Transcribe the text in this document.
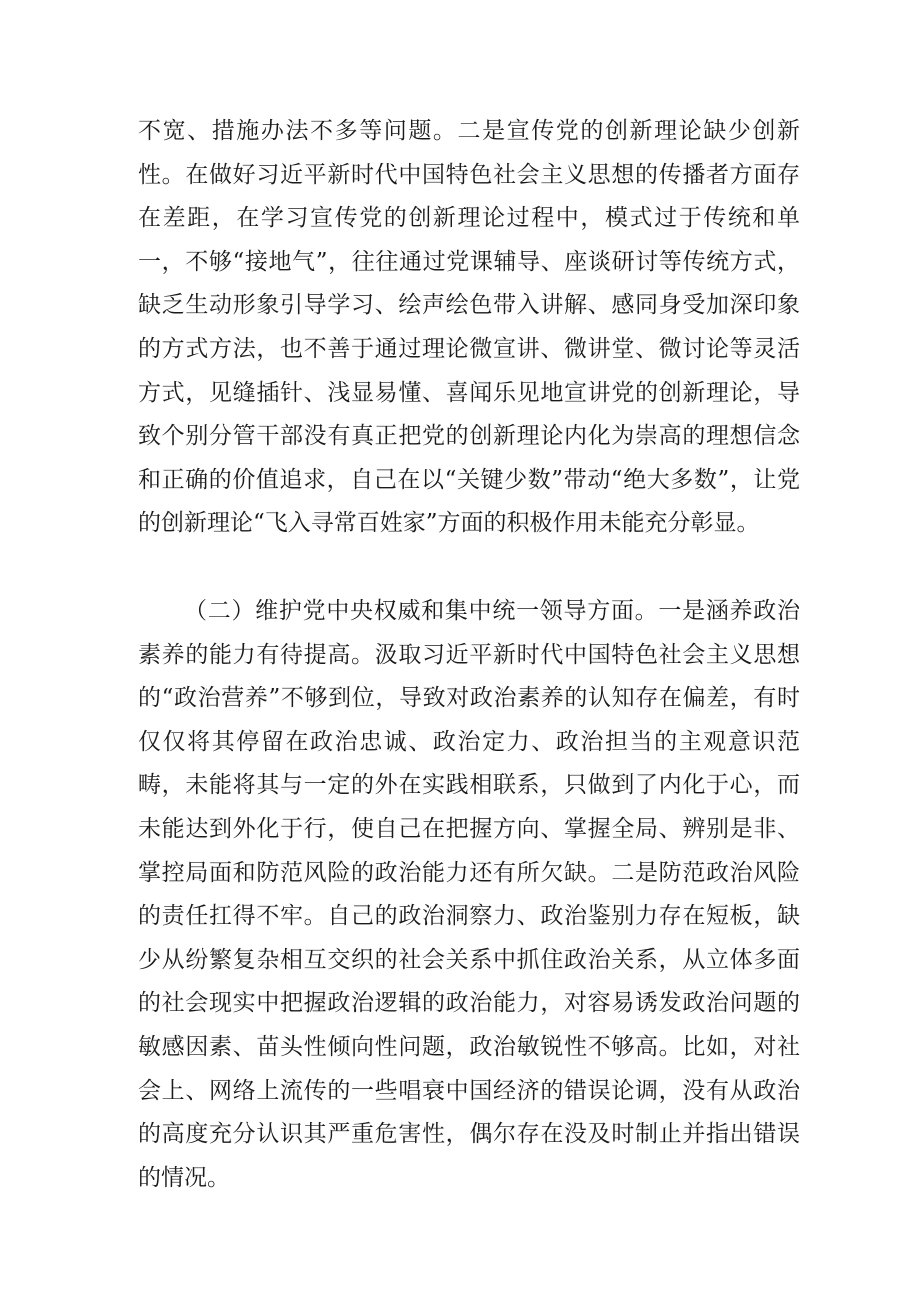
不宽、措施办法不多等问题。二是宣传党的创新理论缺少创新性。在做好习近平新时代中国特色社会主义思想的传播者方面存在差距，在学习宣传党的创新理论过程中，模式过于传统和单一，不够“接地气”，往往通过党课辅导、座谈研讨等传统方式，缺乏生动形象引导学习、绘声绘色带入讲解、感同身受加深印象的方式方法，也不善于通过理论微宣讲、微讲堂、微讨论等灵活方式，见缝插针、浅显易懂、喜闻乐见地宣讲党的创新理论，导致个别分管干部没有真正把党的创新理论内化为崇高的理想信念和正确的价值追求，自己在以“关键少数”带动“绝大多数”，让党的创新理论“飞入寻常百姓家”方面的积极作用未能充分彰显。

（二）维护党中央权威和集中统一领导方面。一是涵养政治素养的能力有待提高。汲取习近平新时代中国特色社会主义思想的“政治营养”不够到位，导致对政治素养的认知存在偏差，有时仅仅将其停留在政治忠诚、政治定力、政治担当的主观意识范畴，未能将其与一定的外在实践相联系，只做到了内化于心，而未能达到外化于行，使自己在把握方向、掌握全局、辨别是非、掌控局面和防范风险的政治能力还有所欠缺。二是防范政治风险的责任扛得不牢。自己的政治洞察力、政治鉴别力存在短板，缺少从纷繁复杂相互交织的社会关系中抓住政治关系，从立体多面的社会现实中把握政治逻辑的政治能力，对容易诱发政治问题的敏感因素、苗头性倾向性问题，政治敏锐性不够高。比如，对社会上、网络上流传的一些唱衰中国经济的错误论调，没有从政治的高度充分认识其严重危害性，偶尔存在没及时制止并指出错误的情况。
